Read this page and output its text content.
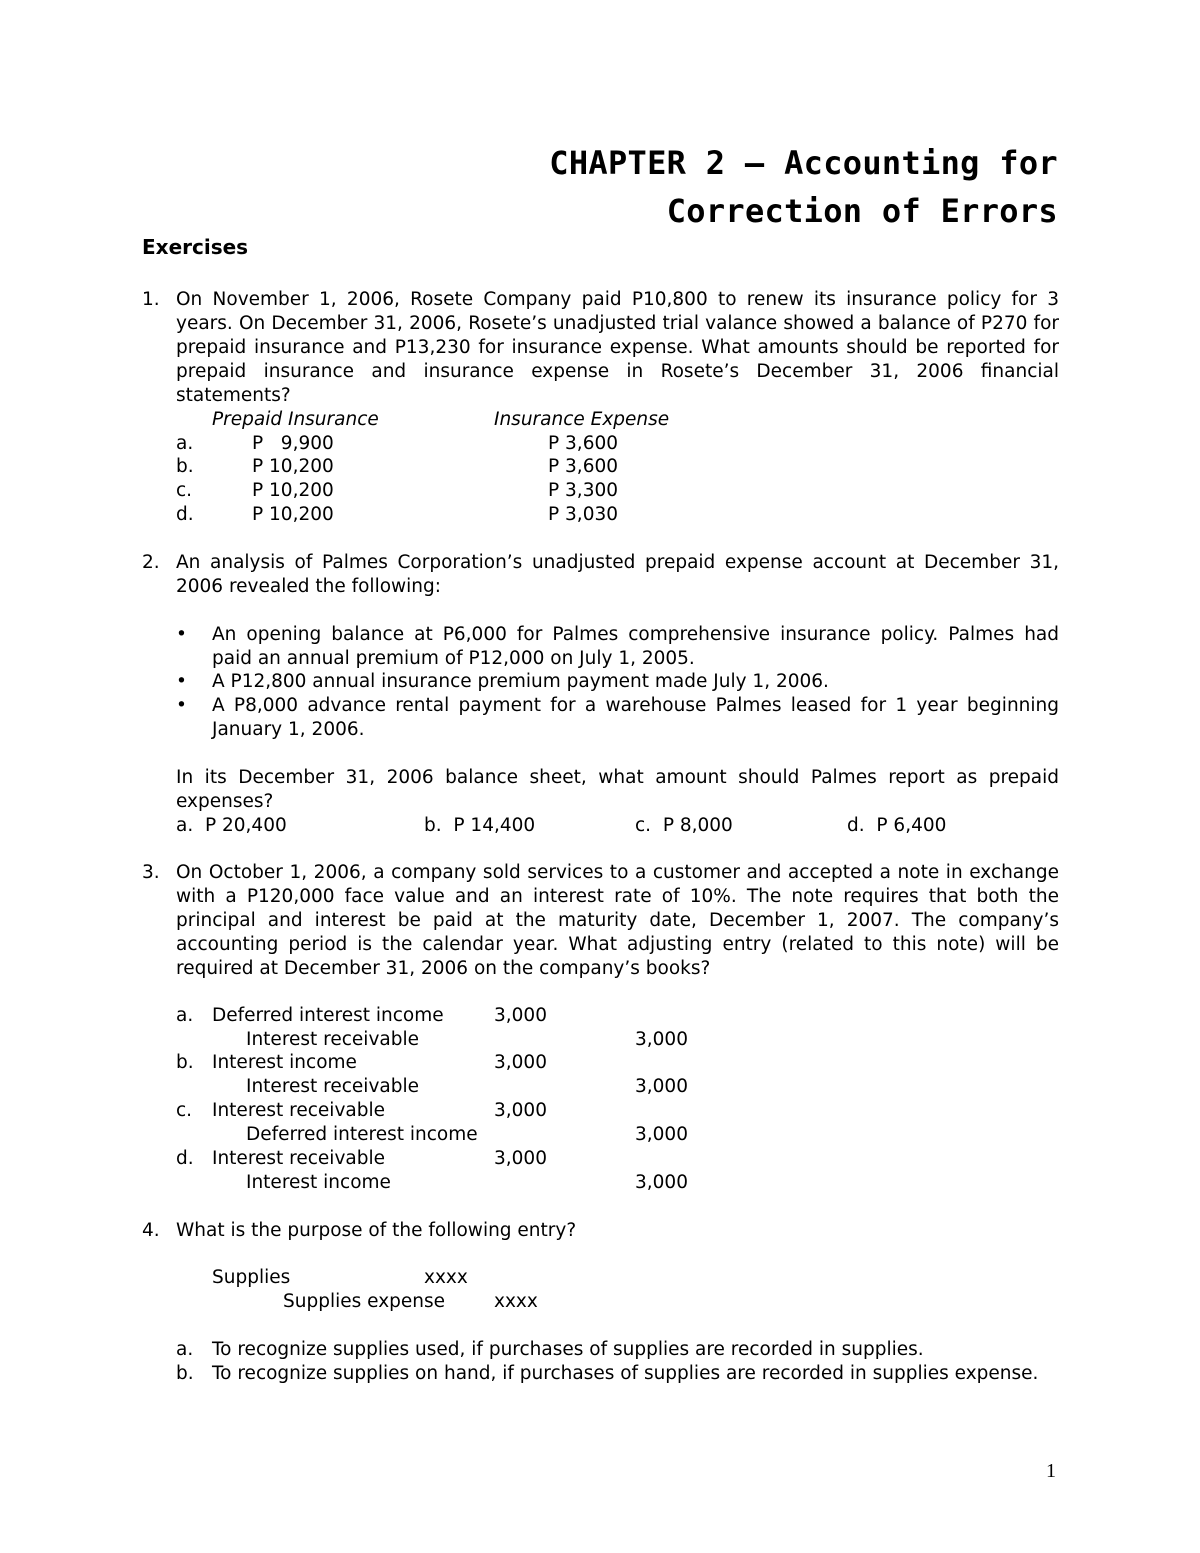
CHAPTER 2 – Accounting for
Correction of Errors
Exercises
1. On November 1, 2006, Rosete Company paid P10,800 to renew its insurance policy for 3 years. On December 31, 2006, Rosete’s unadjusted trial valance showed a balance of P270 for prepaid insurance and P13,230 for insurance expense. What amounts should be reported for prepaid insurance and insurance expense in Rosete’s December 31, 2006 financial statements?
Prepaid Insurance	Insurance Expense
a.	P   9,900	P 3,600
b.	P 10,200	P 3,600
c.	P 10,200	P 3,300
d.	P 10,200	P 3,030
2. An analysis of Palmes Corporation’s unadjusted prepaid expense account at December 31, 2006 revealed the following:
• An opening balance at P6,000 for Palmes comprehensive insurance policy. Palmes had paid an annual premium of P12,000 on July 1, 2005.
• A P12,800 annual insurance premium payment made July 1, 2006.
• A P8,000 advance rental payment for a warehouse Palmes leased for 1 year beginning January 1, 2006.
In its December 31, 2006 balance sheet, what amount should Palmes report as prepaid expenses?
a.  P 20,400	b.  P 14,400	c.  P 8,000	d.  P 6,400
3. On October 1, 2006, a company sold services to a customer and accepted a note in exchange with a P120,000 face value and an interest rate of 10%. The note requires that both the principal and interest be paid at the maturity date, December 1, 2007. The company’s accounting period is the calendar year. What adjusting entry (related to this note) will be required at December 31, 2006 on the company’s books?
a. Deferred interest income	3,000
Interest receivable	3,000
b. Interest income	3,000
Interest receivable	3,000
c. Interest receivable	3,000
Deferred interest income	3,000
d. Interest receivable	3,000
Interest income	3,000
4. What is the purpose of the following entry?
Supplies	xxxx
Supplies expense	xxxx
a. To recognize supplies used, if purchases of supplies are recorded in supplies.
b. To recognize supplies on hand, if purchases of supplies are recorded in supplies expense.
1
